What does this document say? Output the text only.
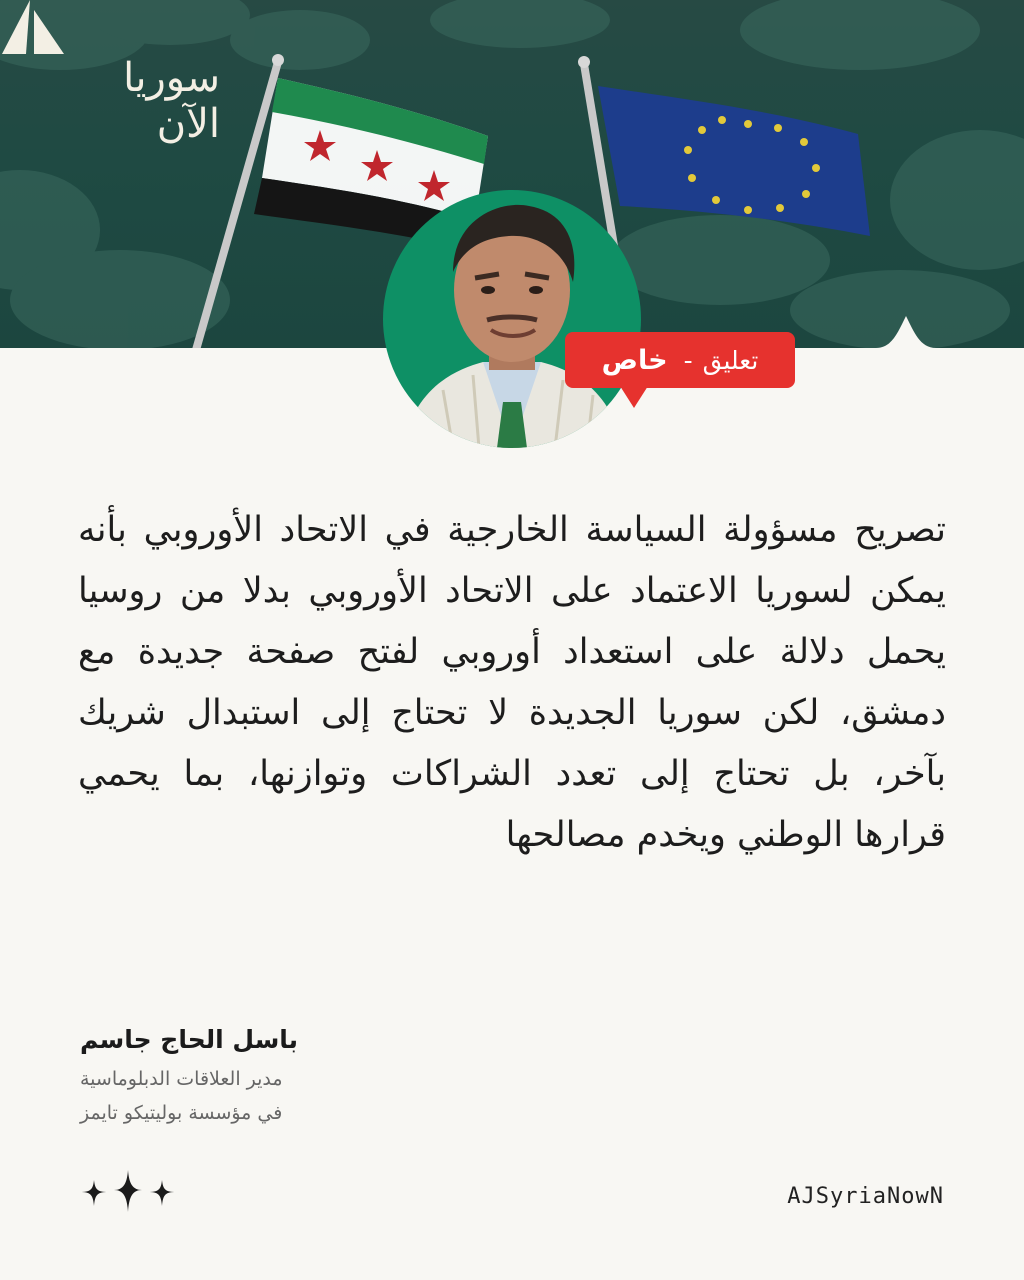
سوريا
الآن
تعليق
-
خاص
تصريح مسؤولة السياسة الخارجية في الاتحاد الأوروبي بأنه يمكن لسوريا الاعتماد على الاتحاد الأوروبي بدلا من روسيا يحمل دلالة على استعداد أوروبي لفتح صفحة جديدة مع دمشق، لكن سوريا الجديدة لا تحتاج إلى استبدال شريك بآخر، بل تحتاج إلى تعدد الشراكات وتوازنها، بما يحمي قرارها الوطني ويخدم مصالحها
باسل الحاج جاسم
مدير العلاقات الدبلوماسية
في مؤسسة بوليتيكو تايمز
AJSyriaNowN
